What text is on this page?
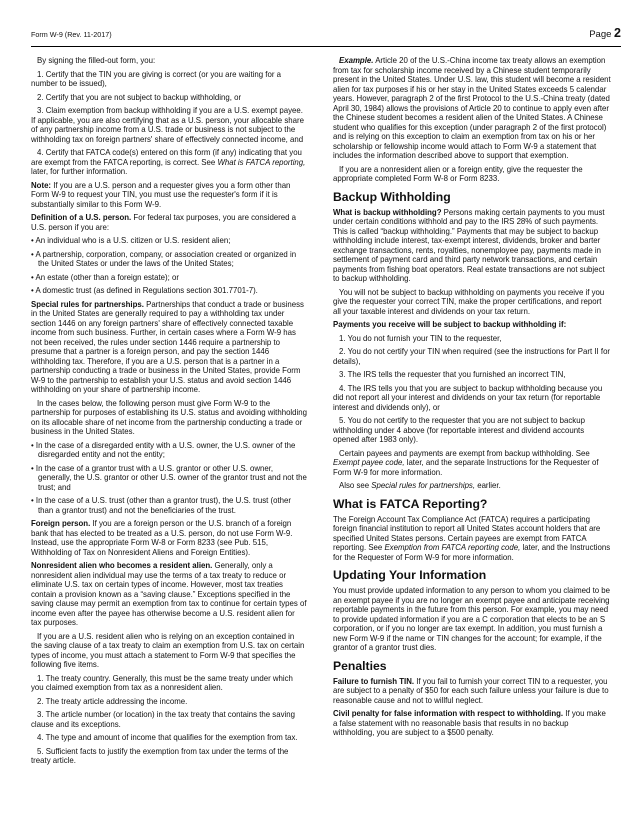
Form W-9 (Rev. 11-2017)	Page 2

By signing the filled-out form, you:

1. Certify that the TIN you are giving is correct (or you are waiting for a number to be issued),

2. Certify that you are not subject to backup withholding, or

3. Claim exemption from backup withholding if you are a U.S. exempt payee. If applicable, you are also certifying that as a U.S. person, your allocable share of any partnership income from a U.S. trade or business is not subject to the withholding tax on foreign partners' share of effectively connected income, and

4. Certify that FATCA code(s) entered on this form (if any) indicating that you are exempt from the FATCA reporting, is correct. See What is FATCA reporting, later, for further information.

Note: If you are a U.S. person and a requester gives you a form other than Form W-9 to request your TIN, you must use the requester's form if it is substantially similar to this Form W-9.

Definition of a U.S. person. For federal tax purposes, you are considered a U.S. person if you are:

• An individual who is a U.S. citizen or U.S. resident alien;

• A partnership, corporation, company, or association created or organized in the United States or under the laws of the United States;

• An estate (other than a foreign estate); or

• A domestic trust (as defined in Regulations section 301.7701-7).

Special rules for partnerships. Partnerships that conduct a trade or business in the United States are generally required to pay a withholding tax under section 1446 on any foreign partners' share of effectively connected taxable income from such business. Further, in certain cases where a Form W-9 has not been received, the rules under section 1446 require a partnership to presume that a partner is a foreign person, and pay the section 1446 withholding tax. Therefore, if you are a U.S. person that is a partner in a partnership conducting a trade or business in the United States, provide Form W-9 to the partnership to establish your U.S. status and avoid section 1446 withholding on your share of partnership income.

In the cases below, the following person must give Form W-9 to the partnership for purposes of establishing its U.S. status and avoiding withholding on its allocable share of net income from the partnership conducting a trade or business in the United States.

• In the case of a disregarded entity with a U.S. owner, the U.S. owner of the disregarded entity and not the entity;

• In the case of a grantor trust with a U.S. grantor or other U.S. owner, generally, the U.S. grantor or other U.S. owner of the grantor trust and not the trust; and

• In the case of a U.S. trust (other than a grantor trust), the U.S. trust (other than a grantor trust) and not the beneficiaries of the trust.

Foreign person. If you are a foreign person or the U.S. branch of a foreign bank that has elected to be treated as a U.S. person, do not use Form W-9. Instead, use the appropriate Form W-8 or Form 8233 (see Pub. 515, Withholding of Tax on Nonresident Aliens and Foreign Entities).

Nonresident alien who becomes a resident alien. Generally, only a nonresident alien individual may use the terms of a tax treaty to reduce or eliminate U.S. tax on certain types of income. However, most tax treaties contain a provision known as a “saving clause.” Exceptions specified in the saving clause may permit an exemption from tax to continue for certain types of income even after the payee has otherwise become a U.S. resident alien for tax purposes.

If you are a U.S. resident alien who is relying on an exception contained in the saving clause of a tax treaty to claim an exemption from U.S. tax on certain types of income, you must attach a statement to Form W-9 that specifies the following five items.

1. The treaty country. Generally, this must be the same treaty under which you claimed exemption from tax as a nonresident alien.

2. The treaty article addressing the income.

3. The article number (or location) in the tax treaty that contains the saving clause and its exceptions.

4. The type and amount of income that qualifies for the exemption from tax.

5. Sufficient facts to justify the exemption from tax under the terms of the treaty article.

Example. Article 20 of the U.S.-China income tax treaty allows an exemption from tax for scholarship income received by a Chinese student temporarily present in the United States. Under U.S. law, this student will become a resident alien for tax purposes if his or her stay in the United States exceeds 5 calendar years. However, paragraph 2 of the first Protocol to the U.S.-China treaty (dated April 30, 1984) allows the provisions of Article 20 to continue to apply even after the Chinese student becomes a resident alien of the United States. A Chinese student who qualifies for this exception (under paragraph 2 of the first protocol) and is relying on this exception to claim an exemption from tax on his or her scholarship or fellowship income would attach to Form W-9 a statement that includes the information described above to support that exemption.

If you are a nonresident alien or a foreign entity, give the requester the appropriate completed Form W-8 or Form 8233.

Backup Withholding

What is backup withholding? Persons making certain payments to you must under certain conditions withhold and pay to the IRS 28% of such payments. This is called “backup withholding.” Payments that may be subject to backup withholding include interest, tax-exempt interest, dividends, broker and barter exchange transactions, rents, royalties, nonemployee pay, payments made in settlement of payment card and third party network transactions, and certain payments from fishing boat operators. Real estate transactions are not subject to backup withholding.

You will not be subject to backup withholding on payments you receive if you give the requester your correct TIN, make the proper certifications, and report all your taxable interest and dividends on your tax return.

Payments you receive will be subject to backup withholding if:

1. You do not furnish your TIN to the requester,

2. You do not certify your TIN when required (see the instructions for Part II for details),

3. The IRS tells the requester that you furnished an incorrect TIN,

4. The IRS tells you that you are subject to backup withholding because you did not report all your interest and dividends on your tax return (for reportable interest and dividends only), or

5. You do not certify to the requester that you are not subject to backup withholding under 4 above (for reportable interest and dividend accounts opened after 1983 only).

Certain payees and payments are exempt from backup withholding. See Exempt payee code, later, and the separate Instructions for the Requester of Form W-9 for more information.

Also see Special rules for partnerships, earlier.

What is FATCA Reporting?

The Foreign Account Tax Compliance Act (FATCA) requires a participating foreign financial institution to report all United States account holders that are specified United States persons. Certain payees are exempt from FATCA reporting. See Exemption from FATCA reporting code, later, and the Instructions for the Requester of Form W-9 for more information.

Updating Your Information

You must provide updated information to any person to whom you claimed to be an exempt payee if you are no longer an exempt payee and anticipate receiving reportable payments in the future from this person. For example, you may need to provide updated information if you are a C corporation that elects to be an S corporation, or if you no longer are tax exempt. In addition, you must furnish a new Form W-9 if the name or TIN changes for the account; for example, if the grantor of a grantor trust dies.

Penalties

Failure to furnish TIN. If you fail to furnish your correct TIN to a requester, you are subject to a penalty of $50 for each such failure unless your failure is due to reasonable cause and not to willful neglect.

Civil penalty for false information with respect to withholding. If you make a false statement with no reasonable basis that results in no backup withholding, you are subject to a $500 penalty.
